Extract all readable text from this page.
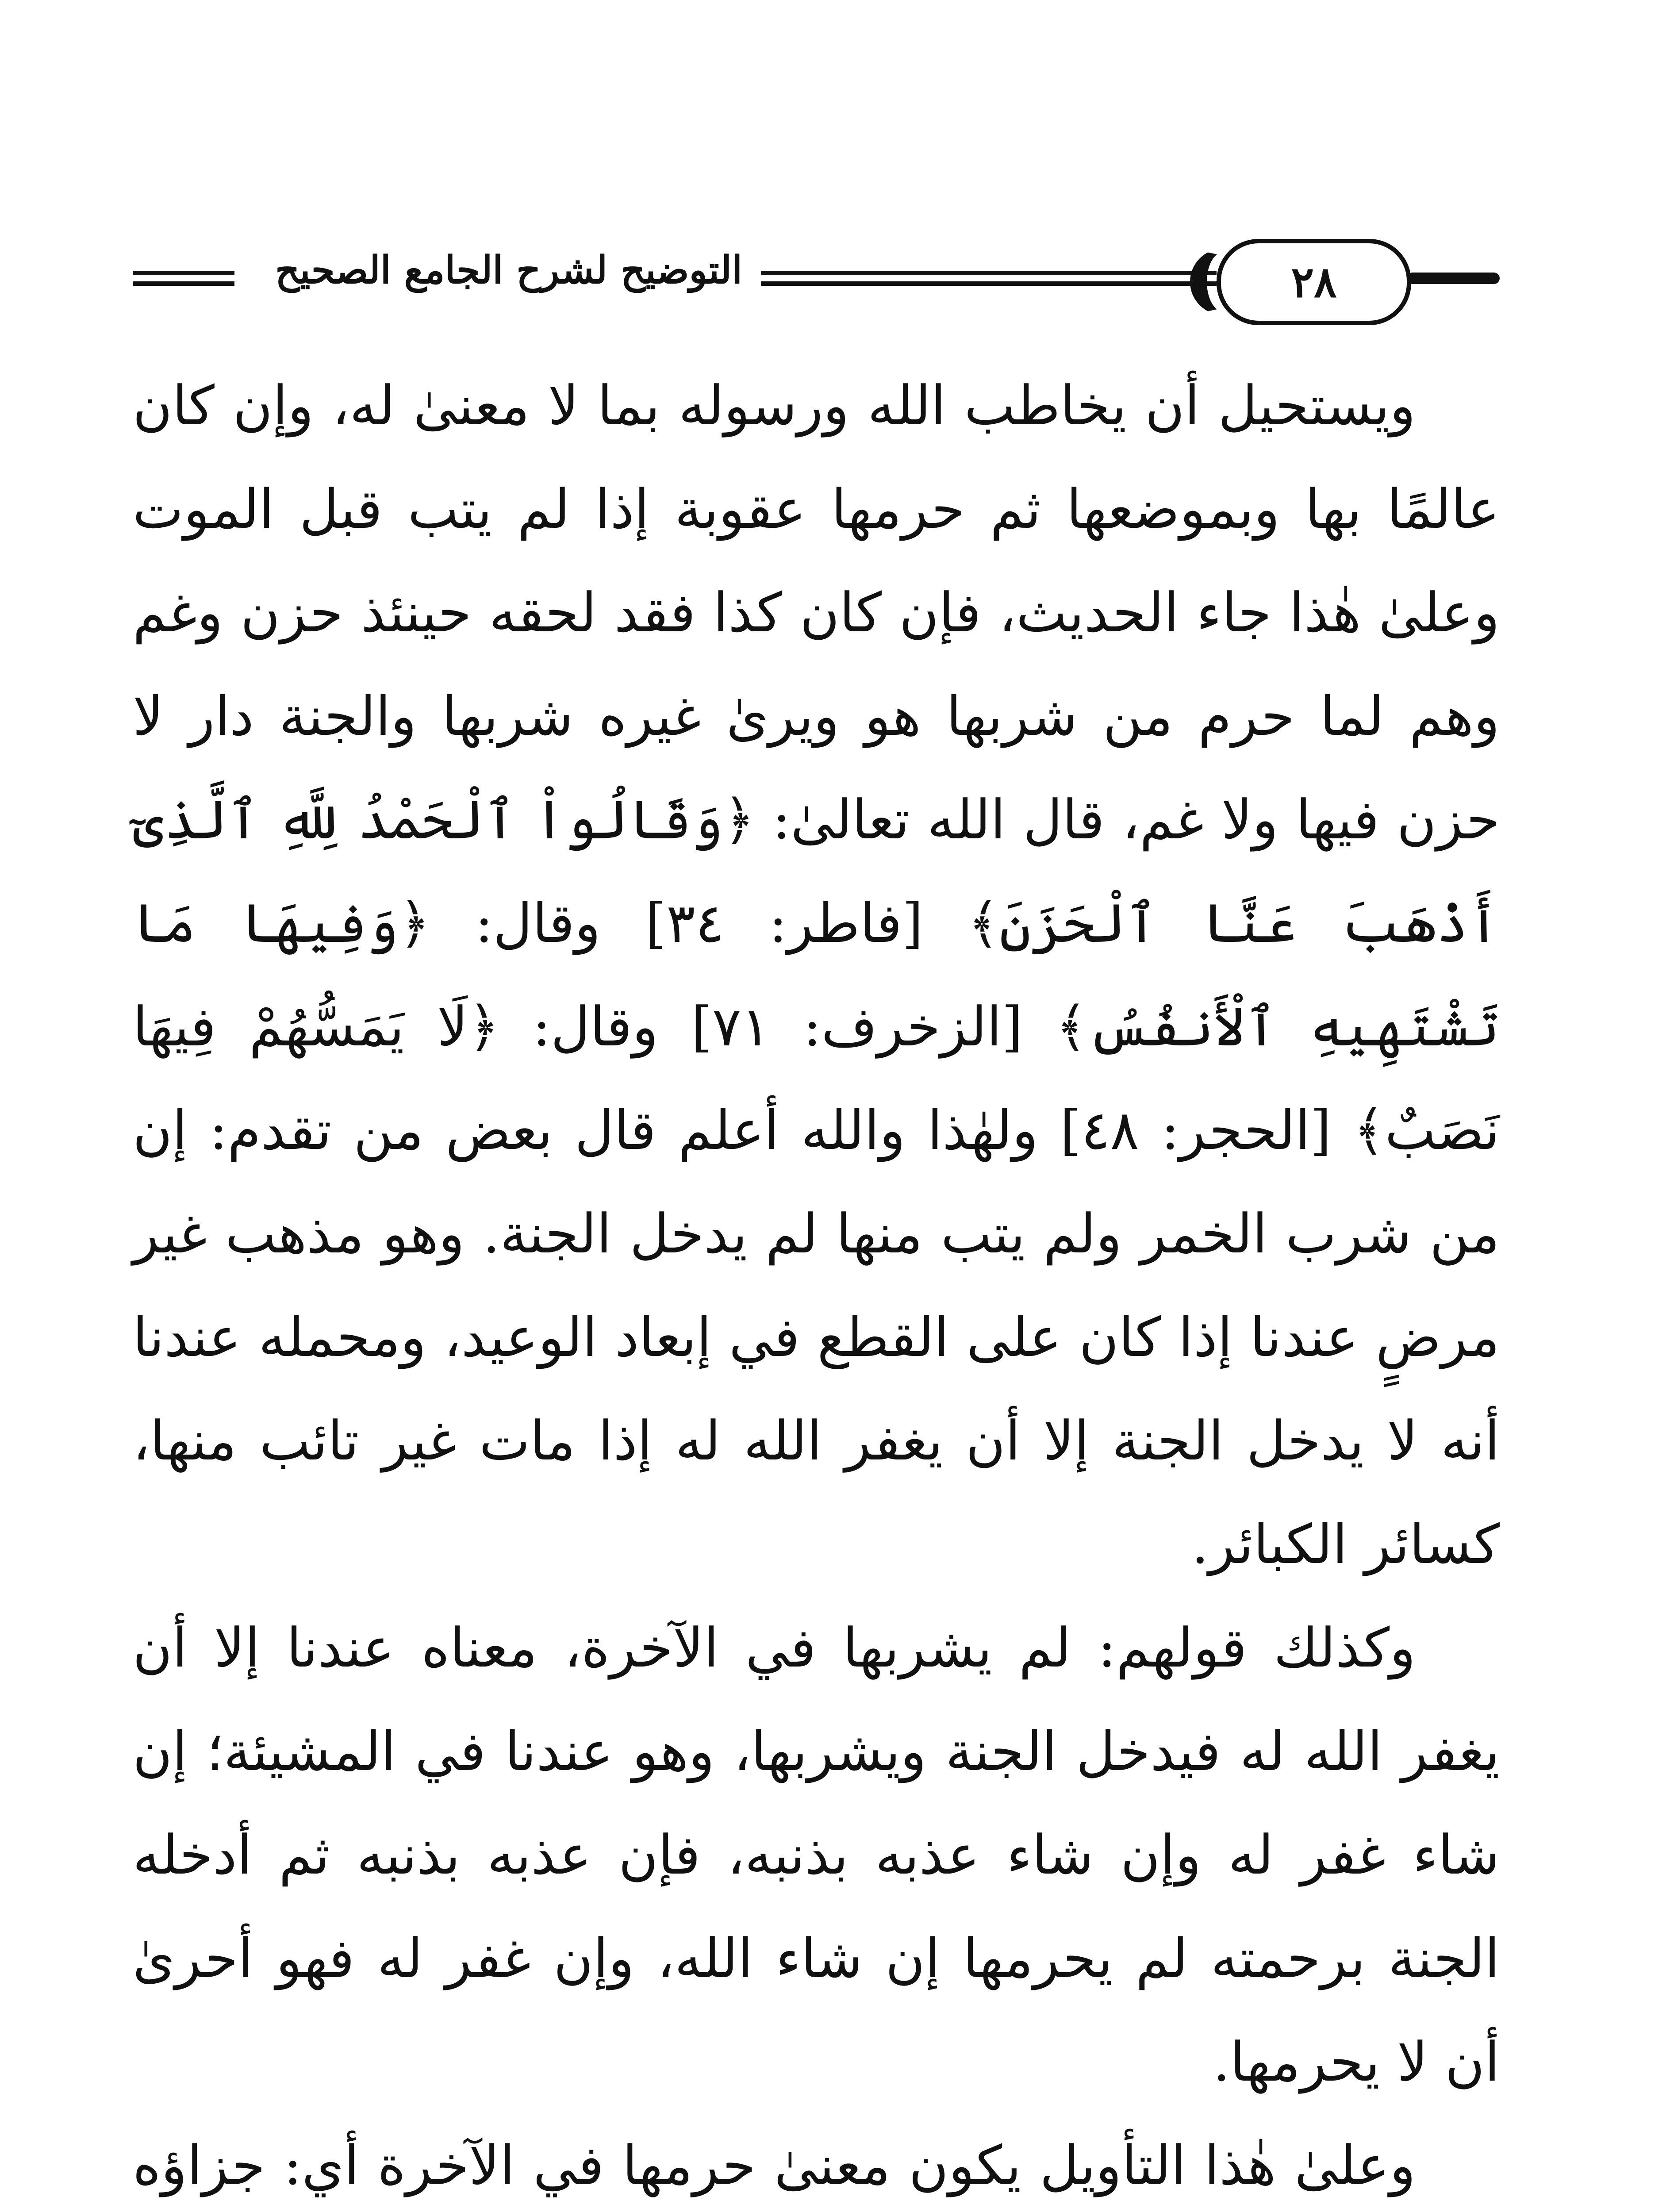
التوضيح لشرح الجامع الصحيح	٢٨

ويستحيل أن يخاطب الله ورسوله بما لا معنىٰ له، وإن كان عالمًا بها وبموضعها ثم حرمها عقوبة إذا لم يتب قبل الموت وعلىٰ هٰذا جاء الحديث، فإن كان كذا فقد لحقه حينئذ حزن وغم وهم لما حرم من شربها هو ويرىٰ غيره شربها والجنة دار لا حزن فيها ولا غم، قال الله تعالىٰ: ﴿وَقَالُواْ ٱلْحَمْدُ لِلَّهِ ٱلَّذِىٓ أَذْهَبَ عَنَّا ٱلْحَزَنَ﴾ [فاطر: ٣٤] وقال: ﴿وَفِيهَا مَا تَشْتَهِيهِ ٱلْأَنفُسُ﴾ [الزخرف: ٧١] وقال: ﴿لَا يَمَسُّهُمْ فِيهَا نَصَبٌ﴾ [الحجر: ٤٨] ولهٰذا والله أعلم قال بعض من تقدم: إن من شرب الخمر ولم يتب منها لم يدخل الجنة. وهو مذهب غير مرضٍ عندنا إذا كان على القطع في إبعاد الوعيد، ومحمله عندنا أنه لا يدخل الجنة إلا أن يغفر الله له إذا مات غير تائب منها، كسائر الكبائر.

وكذلك قولهم: لم يشربها في الآخرة، معناه عندنا إلا أن يغفر الله له فيدخل الجنة ويشربها، وهو عندنا في المشيئة؛ إن شاء غفر له وإن شاء عذبه بذنبه، فإن عذبه بذنبه ثم أدخله الجنة برحمته لم يحرمها إن شاء الله، وإن غفر له فهو أحرىٰ أن لا يحرمها.

وعلىٰ هٰذا التأويل يكون معنىٰ حرمها في الآخرة أي: جزاؤه
